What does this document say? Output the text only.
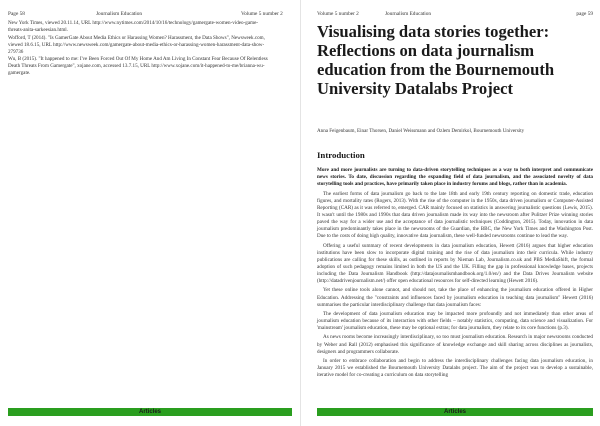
Page 58	Journalism Education	Volume 5 number 2

New York Times, viewed 20.11.14, URL http://www.nytimes.com/2014/10/16/technology/gamergate-women-video-game-threats-anita-sarkeesian.html.

Wofford, T (2014). "Is GamerGate About Media Ethics or Harassing Women? Harassment, the Data Shows", Newsweek.com, viewed 18.6.15, URL http://www.newsweek.com/gamergate-about-media-ethics-or-harassing-women-harassment-data-show-279736

Wu, B (2015). "It happened to me: I've Been Forced Out Of My Home And Am Living In Constant Fear Because Of Relentless Death Threats From Gamergate", xojane.com, accessed 13.7.15, URL http://www.xojane.com/it-happened-to-me/brianna-wu-gamergate.

Articles
Volume 5 number 2	Journalism Education	page 59
Visualising data stories together: Reflections on data journalism education from the Bournemouth University Datalabs Project
Anna Feigenbaum, Einar Thorsen, Daniel Weissmann and Ozlem Demirkol, Bournemouth University
Introduction

More and more journalists are turning to data-driven storytelling techniques as a way to both interpret and communicate news stories. To date, discussion regarding the expanding field of data journalism, and the associated novelty of data storytelling tools and practices, have primarily taken place in industry forums and blogs, rather than in academia.

The earliest forms of data journalism go back to the late 18th and early 19th century reporting on domestic trade, education figures, and mortality rates (Rogers, 2013). With the rise of the computer in the 1950s, data driven journalism or Computer-Assisted Reporting (CAR) as it was referred to, emerged. CAR mainly focused on statistics in answering journalistic questions (Lewis, 2015). It wasn't until the 1980s and 1990s that data driven journalism made its way into the newsroom after Pulitzer Prize winning stories paved the way for a wider use and the acceptance of data journalistic techniques (Coddington, 2015). Today, innovation in data journalism predominantly takes place in the newsrooms of the Guardian, the BBC, the New York Times and the Washington Post. Due to the costs of doing high quality, innovative data journalism, these well-funded newsrooms continue to lead the way.

Offering a useful summary of recent developments in data journalism education, Hewett (2016) argues that higher education institutions have been slow to incorporate digital training and the rise of data journalism into their curricula. While industry publications are calling for these skills, as outlined in reports by Nieman Lab, Journalism.co.uk and PBS MediaShift, the formal adoption of such pedagogy remains limited in both the US and the UK. Filling the gap in professional knowledge bases, projects including the Data Journalism Handbook (http://datajournalismhandbook.org/1.0/en/) and the Data Drives Journalism website (http://datadrivenjournalism.net/) offer open educational resources for self-directed learning (Hewett 2016).

Yet these online tools alone cannot, and should not, take the place of enhancing the journalism education offered in Higher Education. Addressing the "constraints and influences faced by journalism education in teaching data journalism" Hewett (2016) summarises the particular interdisciplinary challenge that data journalism faces:

The development of data journalism education may be impacted more profoundly and not immediately than other areas of journalism education because of its interaction with other fields – notably statistics, computing, data science and visualization. For 'mainstream' journalism education, these may be optional extras; for data journalism, they relate to its core functions (p.3).

As news rooms become increasingly interdisciplinary, so too must journalism education. Research in major newsrooms conducted by Weber and Rall (2012) emphasised this significance of knowledge exchange and skill sharing across disciplines as journalists, designers and programmers collaborate.

In order to embrace collaboration and begin to address the interdisciplinary challenges facing data journalism education, in January 2015 we established the Bournemouth University Datalabs project. The aim of the project was to develop a sustainable, iterative model for co-creating a curriculum on data storytelling

Articles
